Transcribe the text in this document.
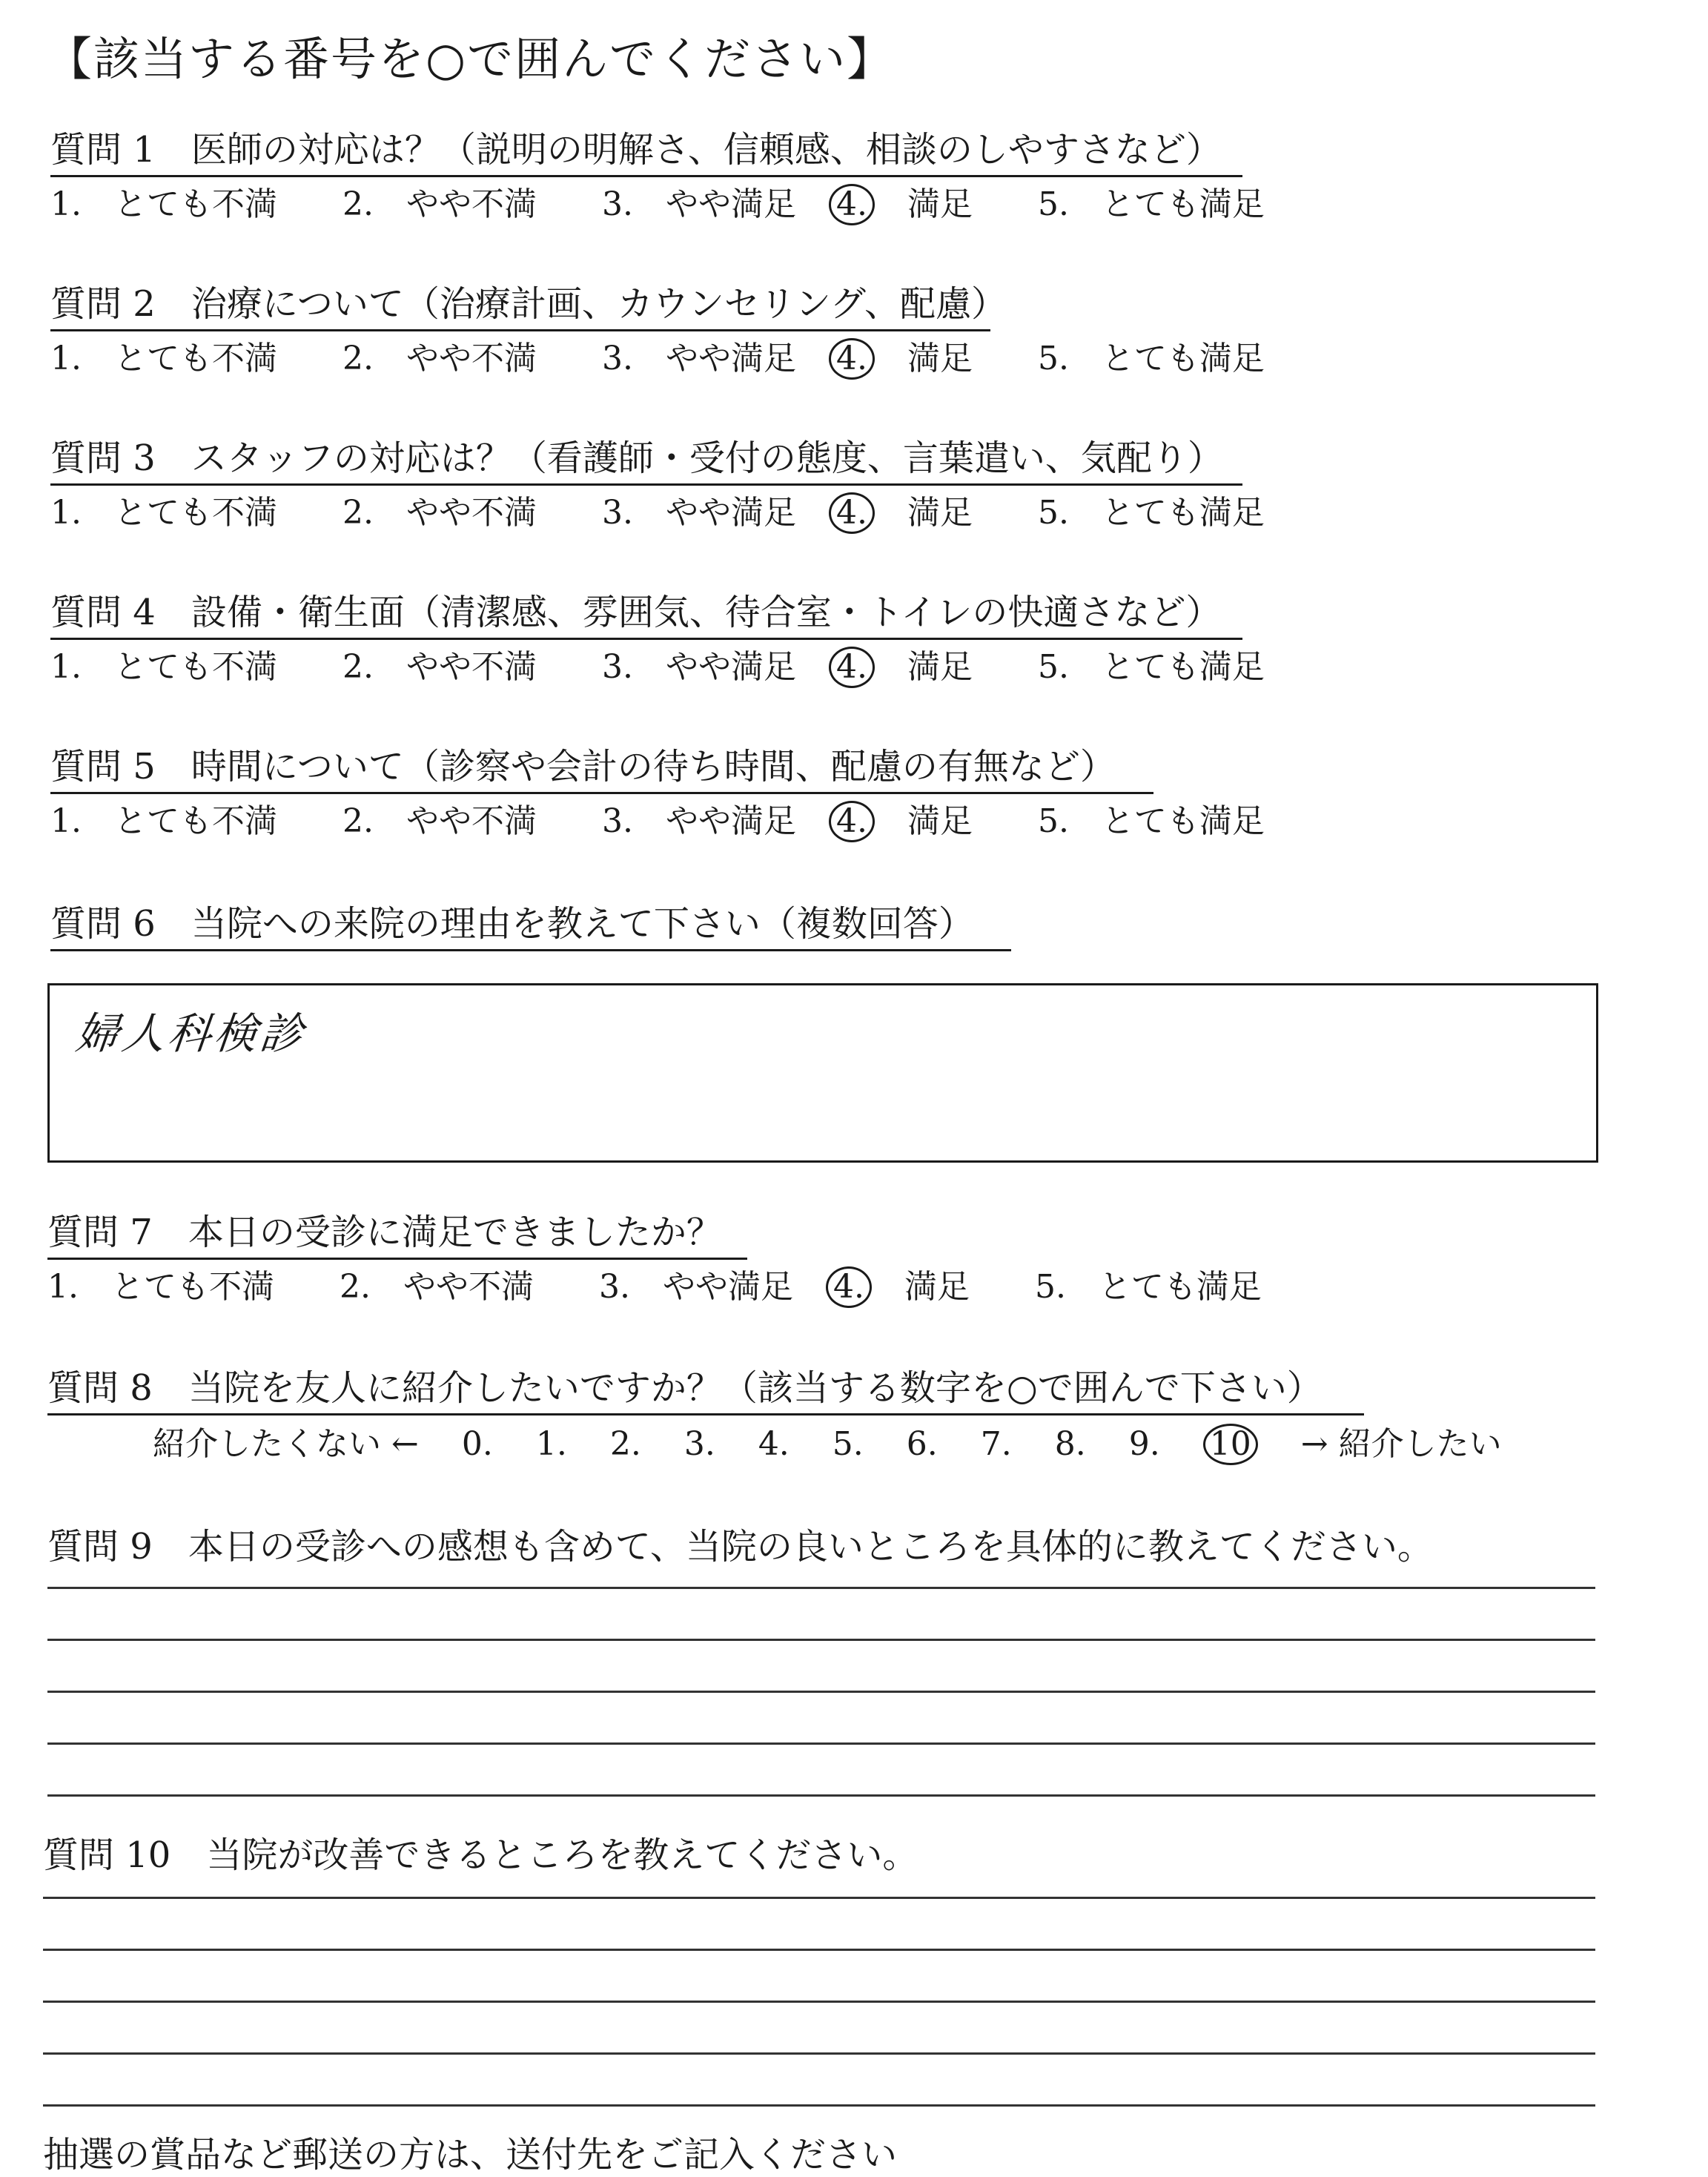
【該当する番号を○で囲んでください】
質問 1　 医師の対応は？（説明の明解さ、信頼感、相談のしやすさなど）
1.　とても不満　　 2.　やや不満　　 3.　やや満足　 4.　 満足　　 5.　とても満足
質問 2　 治療について（治療計画、カウンセリング、配慮）
1.　とても不満　　 2.　やや不満　　 3.　やや満足　 4.　 満足　　 5.　とても満足
質問 3　 スタッフの対応は？（看護師・受付の態度、言葉遣い、気配り）
1.　とても不満　　 2.　やや不満　　 3.　やや満足　 4.　 満足　　 5.　とても満足
質問 4　 設備・衛生面（清潔感、雰囲気、待合室・トイレの快適さなど）
1.　とても不満　　 2.　やや不満　　 3.　やや満足　 4.　 満足　　 5.　とても満足
質問 5　 時間について（診察や会計の待ち時間、配慮の有無など）
1.　とても不満　　 2.　やや不満　　 3.　やや満足　 4.　 満足　　 5.　とても満足
質問 6　 当院への来院の理由を教えて下さい（複数回答）
婦人科検診
質問 7　 本日の受診に満足できましたか？
1.　とても不満　　 2.　やや不満　　 3.　やや満足　 4.　 満足　　 5.　とても満足
質問 8　 当院を友人に紹介したいですか？（該当する数字を○で囲んで下さい）
紹介したくない ←　 0.　 1.　 2.　 3.　 4.　 5.　 6.　 7.　 8.　 9.　 10　 → 紹介したい
質問 9　 本日の受診への感想も含めて、当院の良いところを具体的に教えてください。
質問 10　 当院が改善できるところを教えてください。
抽選の賞品など郵送の方は、送付先をご記入ください
